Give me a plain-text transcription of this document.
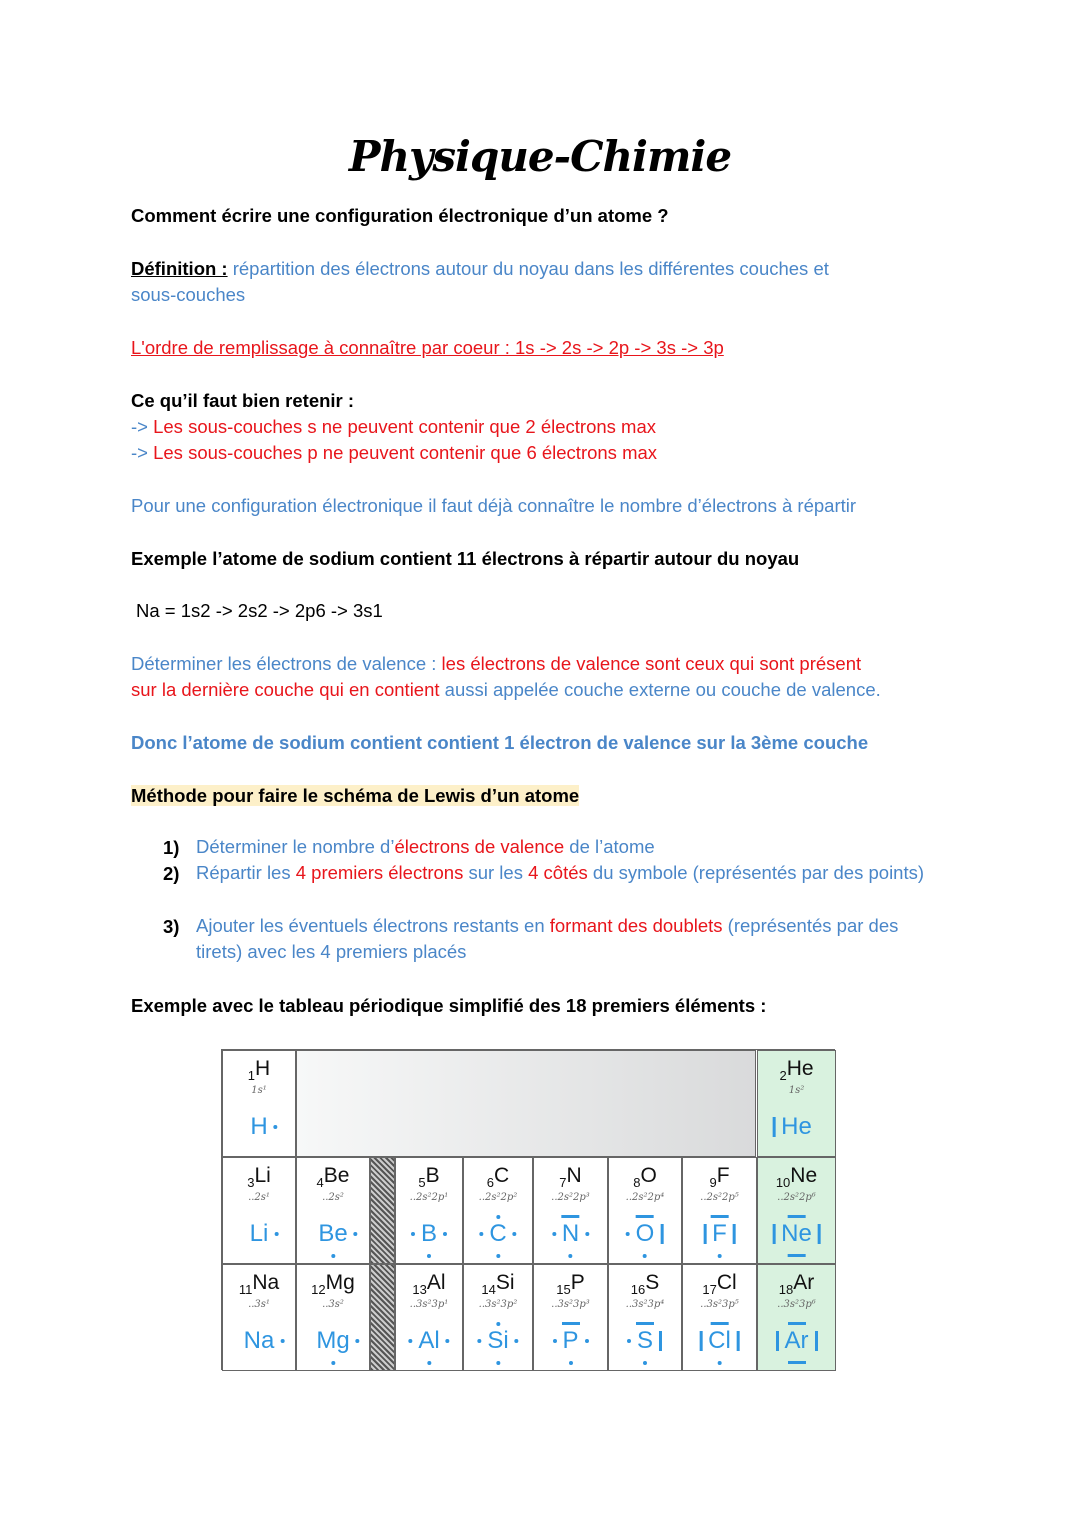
Physique-Chimie
Comment écrire une configuration électronique d’un atome ?
Définition : répartition des électrons autour du noyau dans les différentes couches et
sous-couches
L'ordre de remplissage à connaître par coeur : 1s -> 2s -> 2p -> 3s -> 3p
Ce qu’il faut bien retenir :
-> Les sous-couches s ne peuvent contenir que 2 électrons max
-> Les sous-couches p ne peuvent contenir que 6 électrons max
Pour une configuration électronique il faut déjà connaître le nombre d’électrons à répartir
Exemple l’atome de sodium contient 11 électrons à répartir autour du noyau
Na = 1s2 -> 2s2 -> 2p6 -> 3s1
Déterminer les électrons de valence : les électrons de valence sont ceux qui sont présent
sur la dernière couche qui en contient aussi appelée couche externe ou couche de valence.
Donc l’atome de sodium contient contient 1 électron de valence sur la 3ème couche
Méthode pour faire le schéma de Lewis d’un atome
Exemple avec le tableau périodique simplifié des 18 premiers éléments :
$_1$H
1s¹
H
$_2$He
1s²
He
$_3$Li
..2s¹
Li
$_4$Be
..2s²
Be
$_5$B
..2s²2p¹
B
$_6$C
..2s²2p²
C
$_7$N
..2s²2p³
N
$_8$O
..2s²2p⁴
O
$_9$F
..2s²2p⁵
F
$_{10}$Ne
..2s²2p⁶
Ne
$_{11}$Na
..3s¹
Na
$_{12}$Mg
..3s²
Mg
$_{13}$Al
..3s²3p¹
Al
$_{14}$Si
..3s²3p²
Si
$_{15}$P
..3s²3p³
P
$_{16}$S
..3s²3p⁴
S
$_{17}$Cl
..3s²3p⁵
Cl
$_{18}$Ar
..3s²3p⁶
Ar
1) Déterminer le nombre d’électrons de valence de l’atome
2) Répartir les 4 premiers électrons sur les 4 côtés du symbole (représentés par des points)
3) Ajouter les éventuels électrons restants en formant des doublets (représentés par des tirets) avec les 4 premiers placés
